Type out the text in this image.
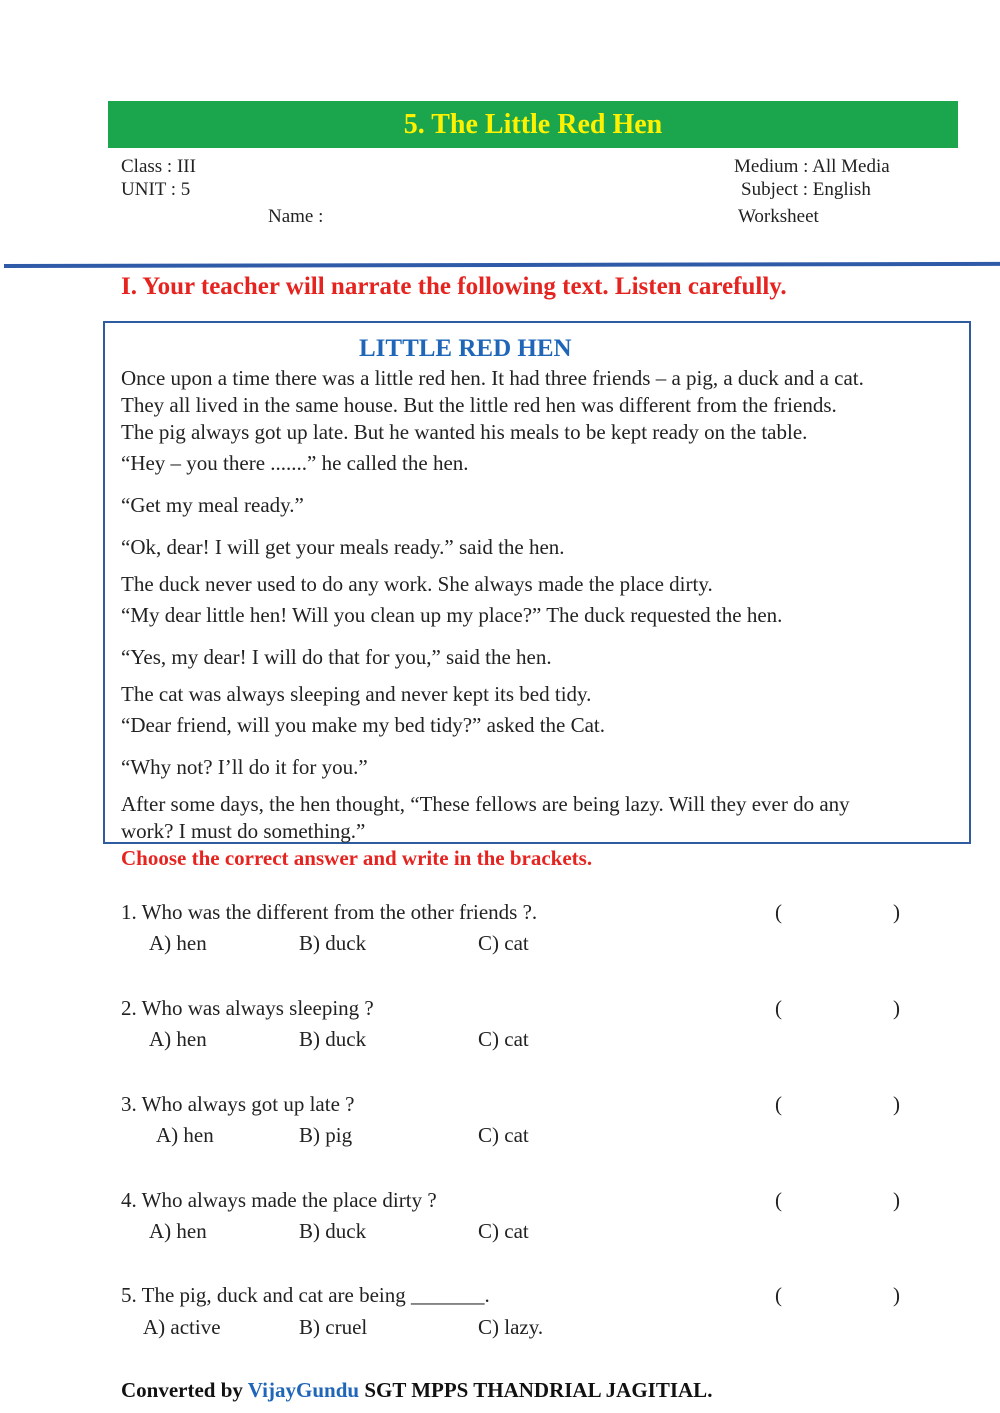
5. The Little Red Hen
Class : III
UNIT : 5
Name :
Medium : All Media
Subject : English
Worksheet
I. Your teacher will narrate the following text. Listen carefully.
LITTLE RED HEN
Once upon a time there was a little red hen. It had three friends – a pig, a duck and a cat.
They all lived in the same house. But the little red hen was different from the friends.
The pig always got up late. But he wanted his meals to be kept ready on the table.
“Hey – you there .......” he called the hen.
“Get my meal ready.”
“Ok, dear! I will get your meals ready.” said the hen.
The duck never used to do any work. She always made the place dirty.
“My dear little hen! Will you clean up my place?” The duck requested the hen.
“Yes, my dear! I will do that for you,” said the hen.
The cat was always sleeping and never kept its bed tidy.
“Dear friend, will you make my bed tidy?” asked the Cat.
“Why not? I’ll do it for you.”
After some days, the hen thought, “These fellows are being lazy. Will they ever do any
work? I must do something.”
Choose the correct answer and write in the brackets.
1. Who was the different from the other friends ?.	(	)
A) hen	B) duck	C) cat
2. Who was always sleeping ?	(	)
A) hen	B) duck	C) cat
3. Who always got up late ?	(	)
A) hen	B) pig	C) cat
4. Who always made the place dirty ?	(	)
A) hen	B) duck	C) cat
5. The pig, duck and cat are being _______.	(	)
A) active	B) cruel	C) lazy.
Converted by VijayGundu SGT MPPS THANDRIAL JAGITIAL.
